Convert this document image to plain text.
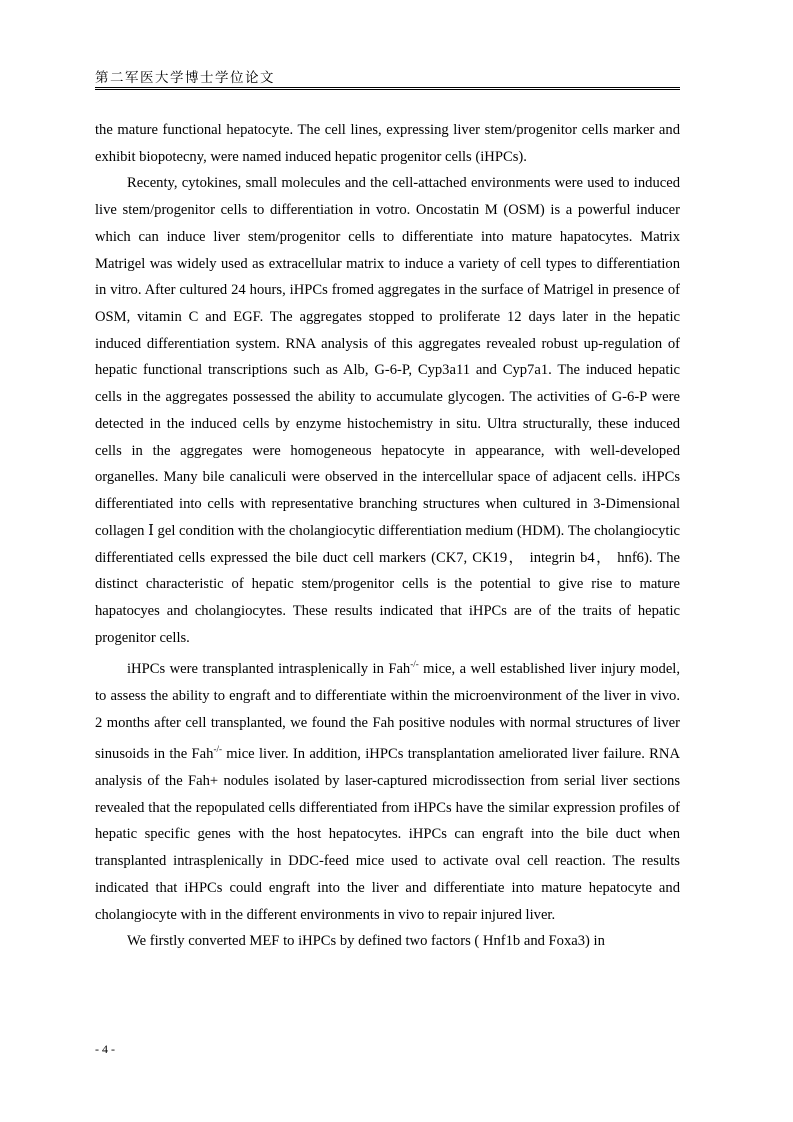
第二军医大学博士学位论文

the mature functional hepatocyte. The cell lines, expressing liver stem/progenitor cells marker and exhibit biopotecny, were named induced hepatic progenitor cells (iHPCs).

Recenty, cytokines, small molecules and the cell-attached environments were used to induced live stem/progenitor cells to differentiation in votro. Oncostatin M (OSM) is a powerful inducer which can induce liver stem/progenitor cells to differentiate into mature hapatocytes. Matrix Matrigel was widely used as extracellular matrix to induce a variety of cell types to differentiation in vitro. After cultured 24 hours, iHPCs fromed aggregates in the surface of Matrigel in presence of OSM, vitamin C and EGF. The aggregates stopped to proliferate 12 days later in the hepatic induced differentiation system. RNA analysis of this aggregates revealed robust up-regulation of hepatic functional transcriptions such as Alb, G-6-P, Cyp3a11 and Cyp7a1. The induced hepatic cells in the aggregates possessed the ability to accumulate glycogen. The activities of G-6-P were detected in the induced cells by enzyme histochemistry in situ. Ultra structurally, these induced cells in the aggregates were homogeneous hepatocyte in appearance, with well-developed organelles. Many bile canaliculi were observed in the intercellular space of adjacent cells. iHPCs differentiated into cells with representative branching structures when cultured in 3-Dimensional collagen Ⅰ gel condition with the cholangiocytic differentiation medium (HDM). The cholangiocytic differentiated cells expressed the bile duct cell markers (CK7, CK19， integrin b4， hnf6). The distinct characteristic of hepatic stem/progenitor cells is the potential to give rise to mature hapatocyes and cholangiocytes. These results indicated that iHPCs are of the traits of hepatic progenitor cells.

iHPCs were transplanted intrasplenically in Fah-/- mice, a well established liver injury model, to assess the ability to engraft and to differentiate within the microenvironment of the liver in vivo. 2 months after cell transplanted, we found the Fah positive nodules with normal structures of liver sinusoids in the Fah-/- mice liver. In addition, iHPCs transplantation ameliorated liver failure. RNA analysis of the Fah+ nodules isolated by laser-captured microdissection from serial liver sections revealed that the repopulated cells differentiated from iHPCs have the similar expression profiles of hepatic specific genes with the host hepatocytes. iHPCs can engraft into the bile duct when transplanted intrasplenically in DDC-feed mice used to activate oval cell reaction. The results indicated that iHPCs could engraft into the liver and differentiate into mature hepatocyte and cholangiocyte with in the different environments in vivo to repair injured liver.

We firstly converted MEF to iHPCs by defined two factors ( Hnf1b and Foxa3) in

- 4 -
